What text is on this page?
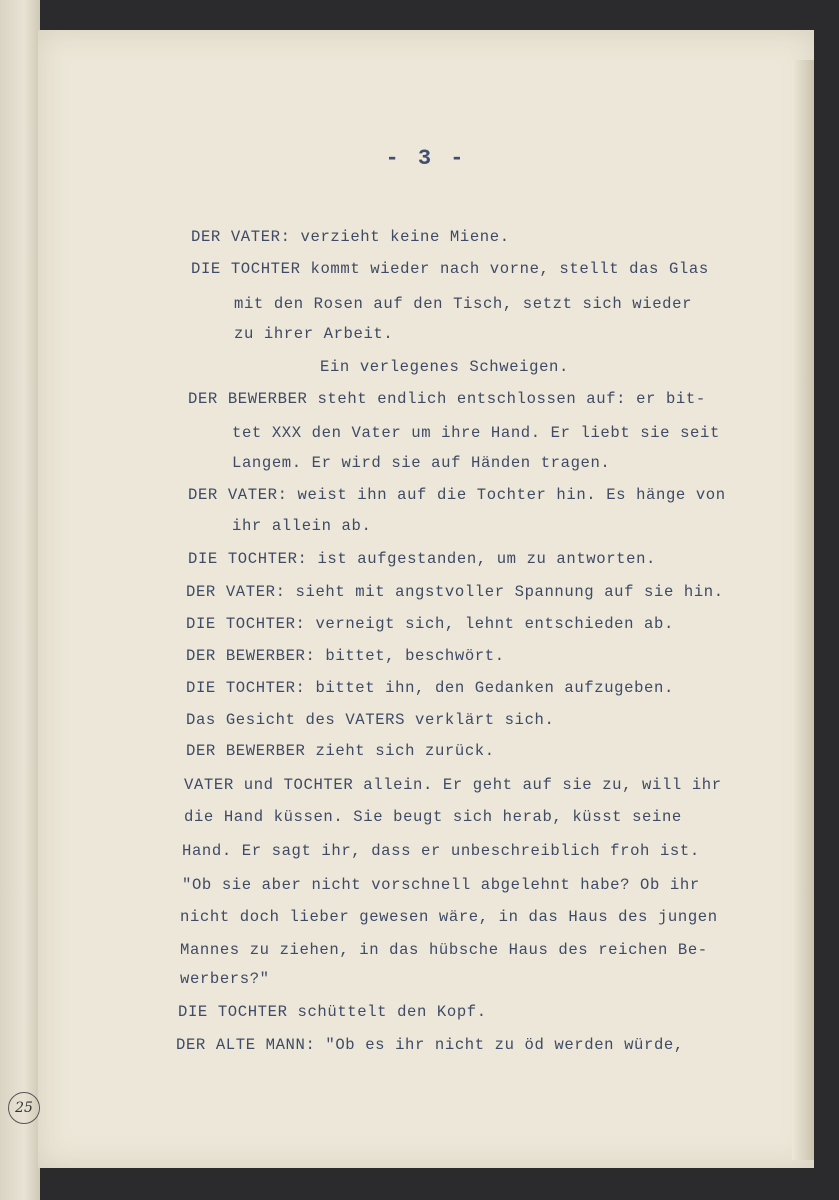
- 3 -
DER VATER: verzieht keine Miene.
DIE TOCHTER kommt wieder nach vorne, stellt das Glas
mit den Rosen auf den Tisch, setzt sich wieder
zu ihrer Arbeit.
Ein verlegenes Schweigen.
DER BEWERBER steht endlich entschlossen auf: er bit-
tet XXX den Vater um ihre Hand. Er liebt sie seit
Langem. Er wird sie auf Händen tragen.
DER VATER: weist ihn auf die Tochter hin. Es hänge von
ihr allein ab.
DIE TOCHTER: ist aufgestanden, um zu antworten.
DER VATER: sieht mit angstvoller Spannung auf sie hin.
DIE TOCHTER: verneigt sich, lehnt entschieden ab.
DER BEWERBER: bittet, beschwört.
DIE TOCHTER: bittet ihn, den Gedanken aufzugeben.
Das Gesicht des VATERS verklärt sich.
DER BEWERBER zieht sich zurück.
VATER und TOCHTER allein. Er geht auf sie zu, will ihr
die Hand küssen. Sie beugt sich herab, küsst seine
Hand. Er sagt ihr, dass er unbeschreiblich froh ist.
"Ob sie aber nicht vorschnell abgelehnt habe? Ob ihr
nicht doch lieber gewesen wäre, in das Haus des jungen
Mannes zu ziehen, in das hübsche Haus des reichen Be-
werbers?"
DIE TOCHTER schüttelt den Kopf.
DER ALTE MANN: "Ob es ihr nicht zu öd werden würde,
25
